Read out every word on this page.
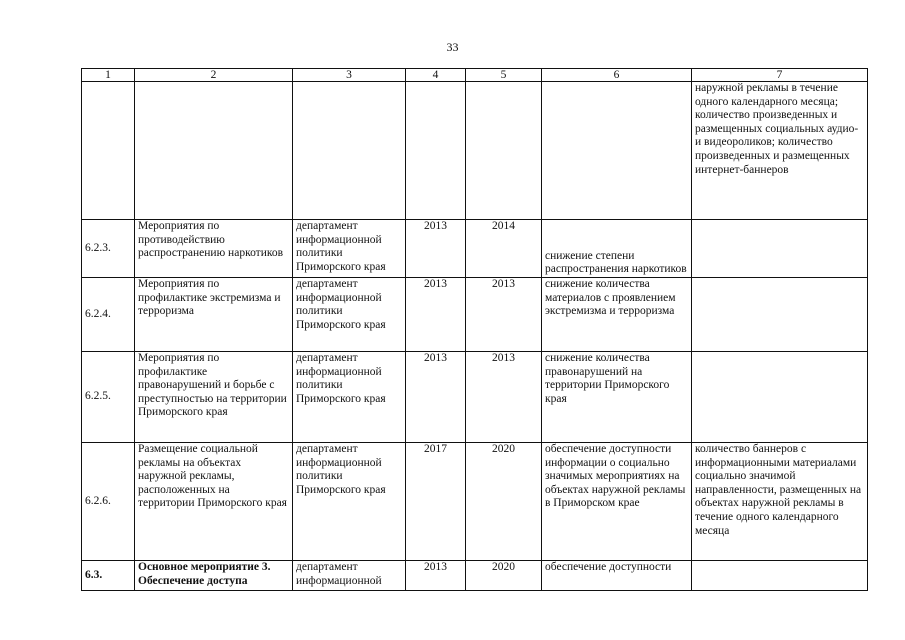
33
1	2	3	4	5	6	7
						наружной рекламы в течение одного календарного месяца; количество произведенных и размещенных социальных аудио- и видеороликов; количество произведенных и размещенных интернет-баннеров
6.2.3.	Мероприятия по противодействию распространению наркотиков	департамент информационной политики Приморского края	2013	2014	снижение степени распространения наркотиков	
6.2.4.	Мероприятия по профилактике экстремизма и терроризма	департамент информационной политики Приморского края	2013	2013	снижение количества материалов с проявлением экстремизма и терроризма	
6.2.5.	Мероприятия по профилактике правонарушений и борьбе с преступностью на территории Приморского края	департамент информационной политики Приморского края	2013	2013	снижение количества правонарушений на территории Приморского края	
6.2.6.	Размещение социальной рекламы на объектах наружной рекламы, расположенных на территории Приморского края	департамент информационной политики Приморского края	2017	2020	обеспечение доступности информации о социально значимых мероприятиях на объектах наружной рекламы в Приморском крае	количество баннеров с информационными материалами социально значимой направленности, размещенных на объектах наружной рекламы в течение одного календарного месяца
6.3.	Основное мероприятие 3. Обеспечение доступа	департамент информационной	2013	2020	обеспечение доступности	
